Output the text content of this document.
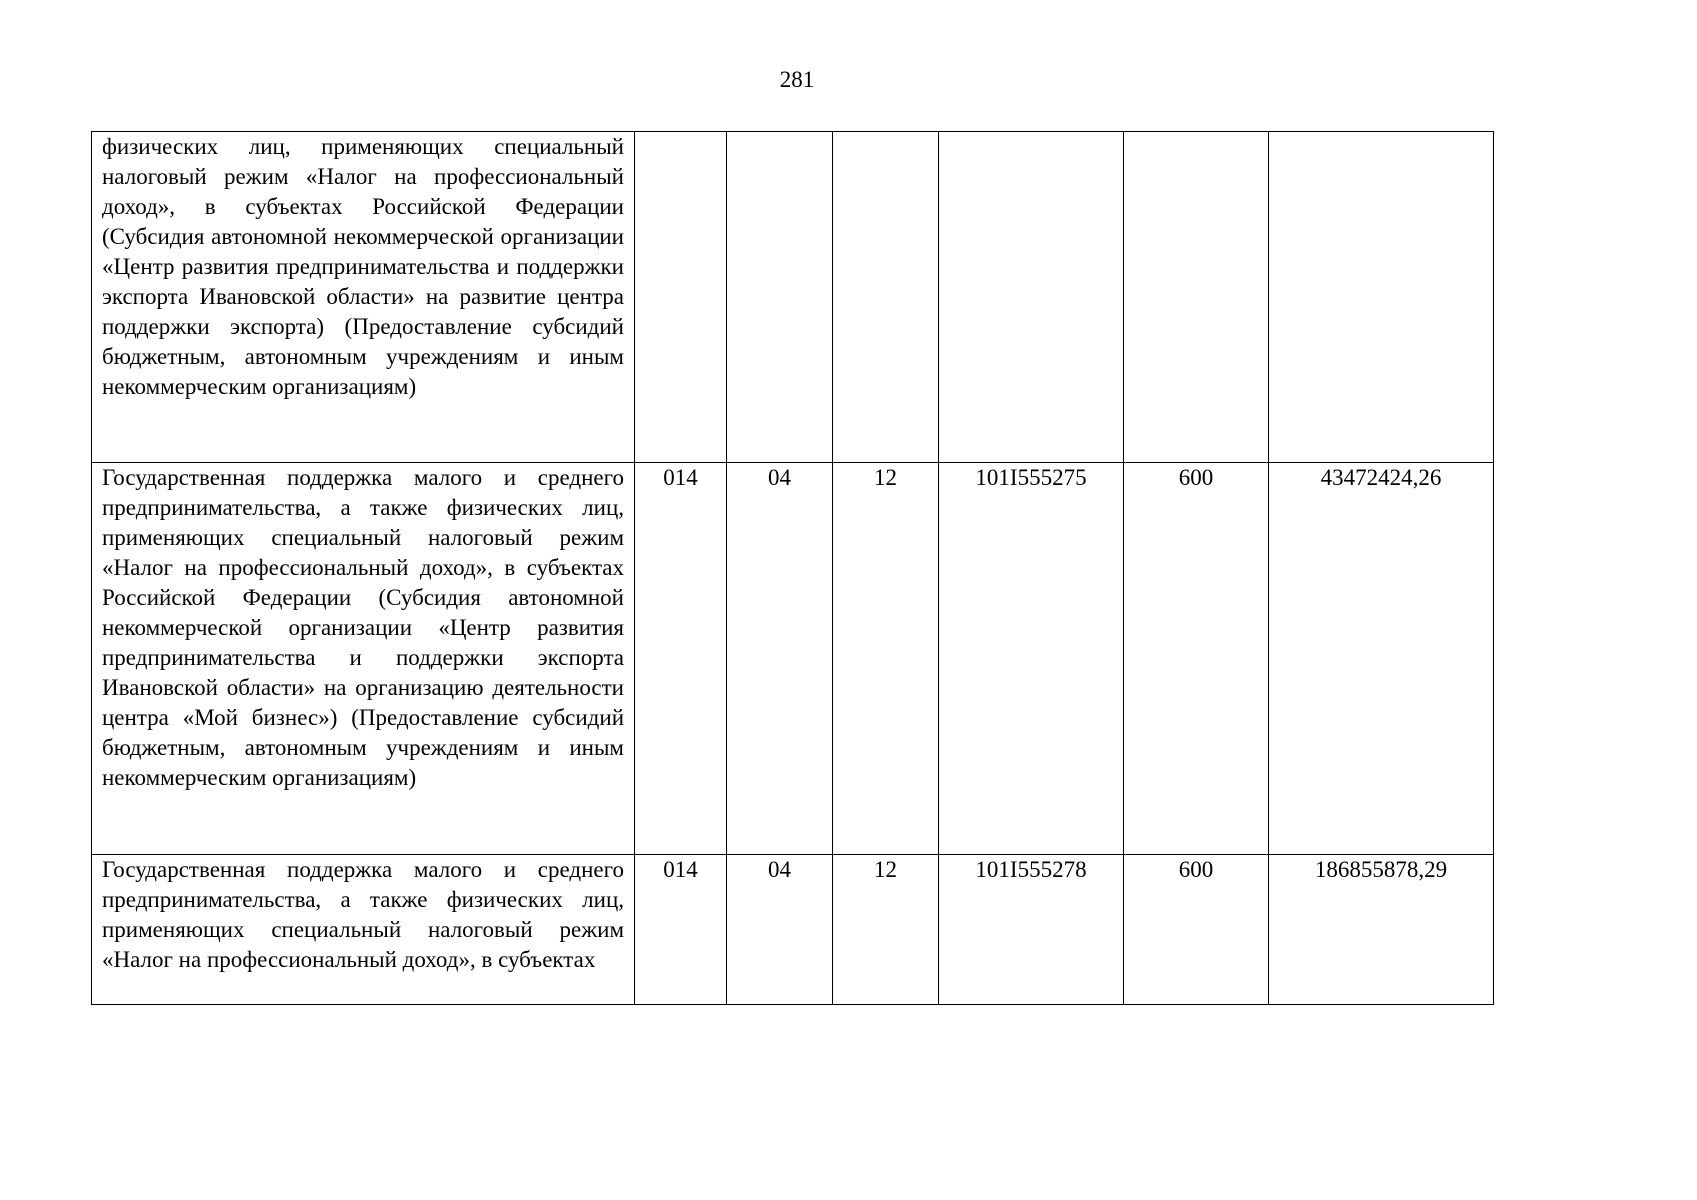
281
физических лиц, применяющих специальный налоговый режим «Налог на профессиональный доход», в субъектах Российской Федерации (Субсидия автономной некоммерческой организации «Центр развития предпринимательства и поддержки экспорта Ивановской области» на развитие центра поддержки экспорта) (Предоставление субсидий бюджетным, автономным учреждениям и иным некоммерческим организациям)						
Государственная поддержка малого и среднего предпринимательства, а также физических лиц, применяющих специальный налоговый режим «Налог на профессиональный доход», в субъектах Российской Федерации (Субсидия автономной некоммерческой организации «Центр развития предпринимательства и поддержки экспорта Ивановской области» на организацию деятельности центра «Мой бизнес») (Предоставление субсидий бюджетным, автономным учреждениям и иным некоммерческим организациям)	014	04	12	101I555275	600	43472424,26
Государственная поддержка малого и среднего предпринимательства, а также физических лиц, применяющих специальный налоговый режим «Налог на профессиональный доход», в субъектах	014	04	12	101I555278	600	186855878,29
